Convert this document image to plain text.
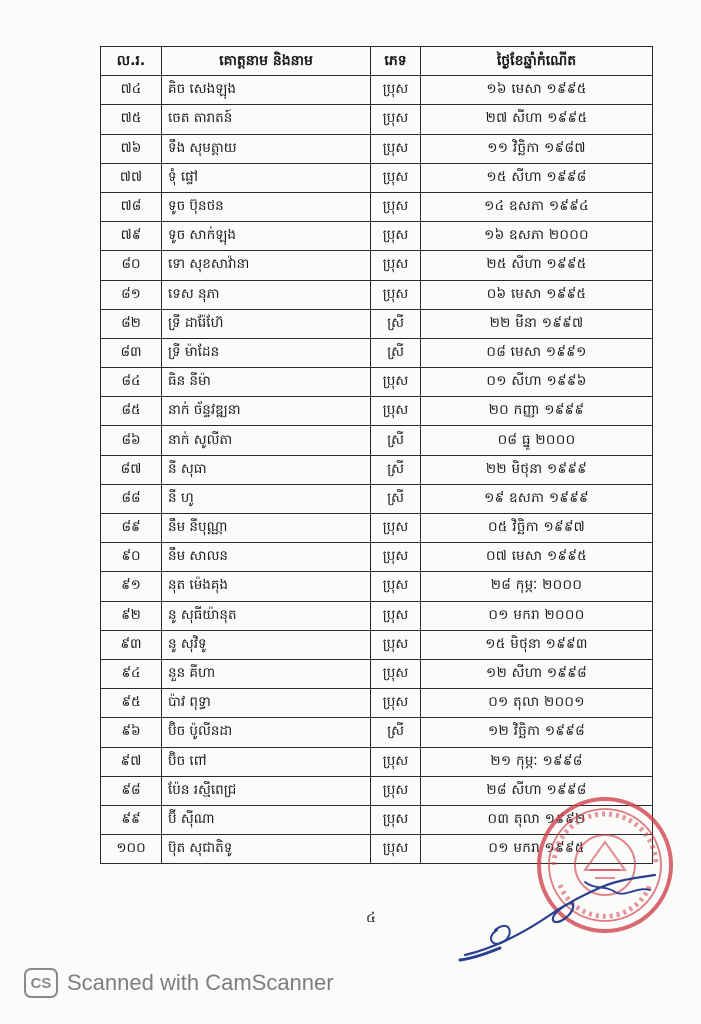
ល.រ.	គោត្តនាម និងនាម	ភេទ	ថ្ងៃខែឆ្នាំកំណើត
៧៤	គិច សេងឡុង	ប្រុស	១៦ មេសា ១៩៩៥
៧៥	ចេត តារាតន៍	ប្រុស	២៧ សីហា ១៩៩៥
៧៦	ទឹង សុមត្ដាយ	ប្រុស	១១ វិច្ឆិកា ១៩៨៧
៧៧	ទុំ ផ្ទៅ	ប្រុស	១៥ សីហា ១៩៩៨
៧៨	ទូច ប៊ុនថន	ប្រុស	១៤ ឧសភា ១៩៩៤
៧៩	ទូច សាក់ឡុង	ប្រុស	១៦ ឧសភា ២០០០
៨០	ទោ សុខសាវ៉ានា	ប្រុស	២៥ សីហា ១៩៩៥
៨១	ទេស នុភា	ប្រុស	០៦ មេសា ១៩៩៥
៨២	ទ្រី ដារ៉ែហ៊ែ	ស្រី	២២ មីនា ១៩៩៧
៨៣	ទ្រី ម៉ាដែន	ស្រី	០៨ មេសា ១៩៩១
៨៤	ធិន នីម៉ា	ប្រុស	០១ សីហា ១៩៩៦
៨៥	នាក់ ច័ន្ទវឌ្ឍនា	ប្រុស	២០ កញ្ញា ១៩៩៩
៨៦	នាក់ សូលីតា	ស្រី	០៨ ធ្នូ ២០០០
៨៧	នី សុធា	ស្រី	២២ មិថុនា ១៩៩៩
៨៨	នី ហូ	ស្រី	១៩ ឧសភា ១៩៩៩
៨៩	នឹម នីបុណ្ណា	ប្រុស	០៥ វិច្ឆិកា ១៩៩៧
៩០	នឹម សាលន	ប្រុស	០៧ មេសា ១៩៩៥
៩១	នុត ម៉េងគុង	ប្រុស	២៨ កុម្ភៈ ២០០០
៩២	នូ សុធីយ៉ានុត	ប្រុស	០១ មករា ២០០០
៩៣	នូ សុវិទូ	ប្រុស	១៥ មិថុនា ១៩៩៣
៩៤	នួន គីហា	ប្រុស	១២ សីហា ១៩៩៨
៩៥	ប៉ាវ ពុទ្ធា	ប្រុស	០១ តុលា ២០០១
៩៦	ប៊ិច ប៉ូលីនដា	ស្រី	១២ វិច្ឆិកា ១៩៩៨
៩៧	ប៊ិច ពៅ	ប្រុស	២១ កុម្ភៈ ១៩៩៨
៩៨	ប៉ែន រស្មីពេជ្រ	ប្រុស	២៨ សីហា ១៩៩៨
៩៩	ប៊ី ស៊ីណា	ប្រុស	០៣ តុលា ១៩៩២
១០០	ប៊ុត សុជាតិទូ	ប្រុស	០១ មករា ១៩៩៥
៤
CS Scanned with CamScanner
